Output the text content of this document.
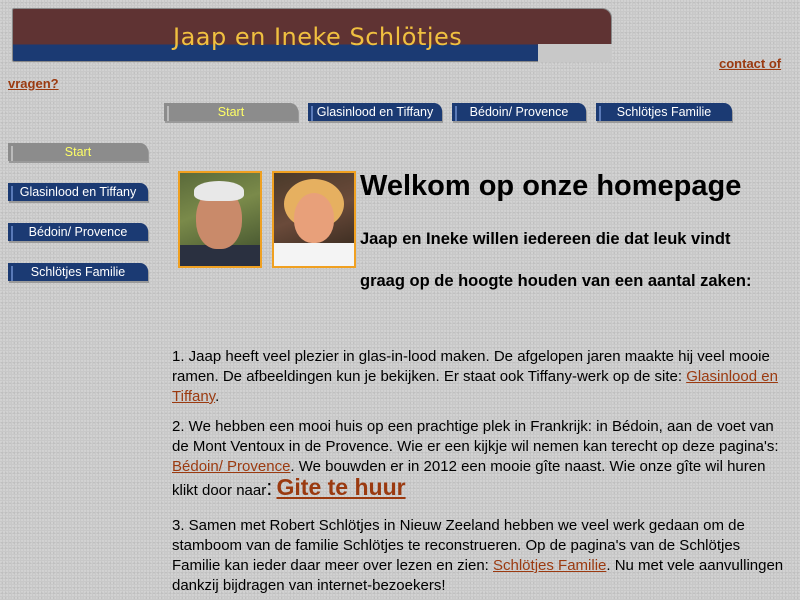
Jaap en Ineke Schlötjes
contact of
vragen?
Start	Glasinlood en Tiffany	Bédoin/ Provence	Schlötjes Familie
Start
Glasinlood en Tiffany
Bédoin/ Provence
Schlötjes Familie
Welkom op onze homepage
Jaap en Ineke willen iedereen die dat leuk vindt
graag op de hoogte houden van een aantal zaken:
1. Jaap heeft veel plezier in glas-in-lood maken. De afgelopen jaren maakte hij veel mooie ramen. De afbeeldingen kun je bekijken. Er staat ook Tiffany-werk op de site: Glasinlood en Tiffany.
2. We hebben een mooi huis op een prachtige plek in Frankrijk: in Bédoin, aan de voet van de Mont Ventoux in de Provence. Wie er een kijkje wil nemen kan terecht op deze pagina's: Bédoin/ Provence. We bouwden er in 2012 een mooie gîte naast. Wie onze gîte wil huren klikt door naar: Gite te huur
3. Samen met Robert Schlötjes in Nieuw Zeeland hebben we veel werk gedaan om de stamboom van de familie Schlötjes te reconstrueren. Op de pagina's van de Schlötjes Familie kan ieder daar meer over lezen en zien: Schlötjes Familie. Nu met vele aanvullingen dankzij bijdragen van internet-bezoekers!
